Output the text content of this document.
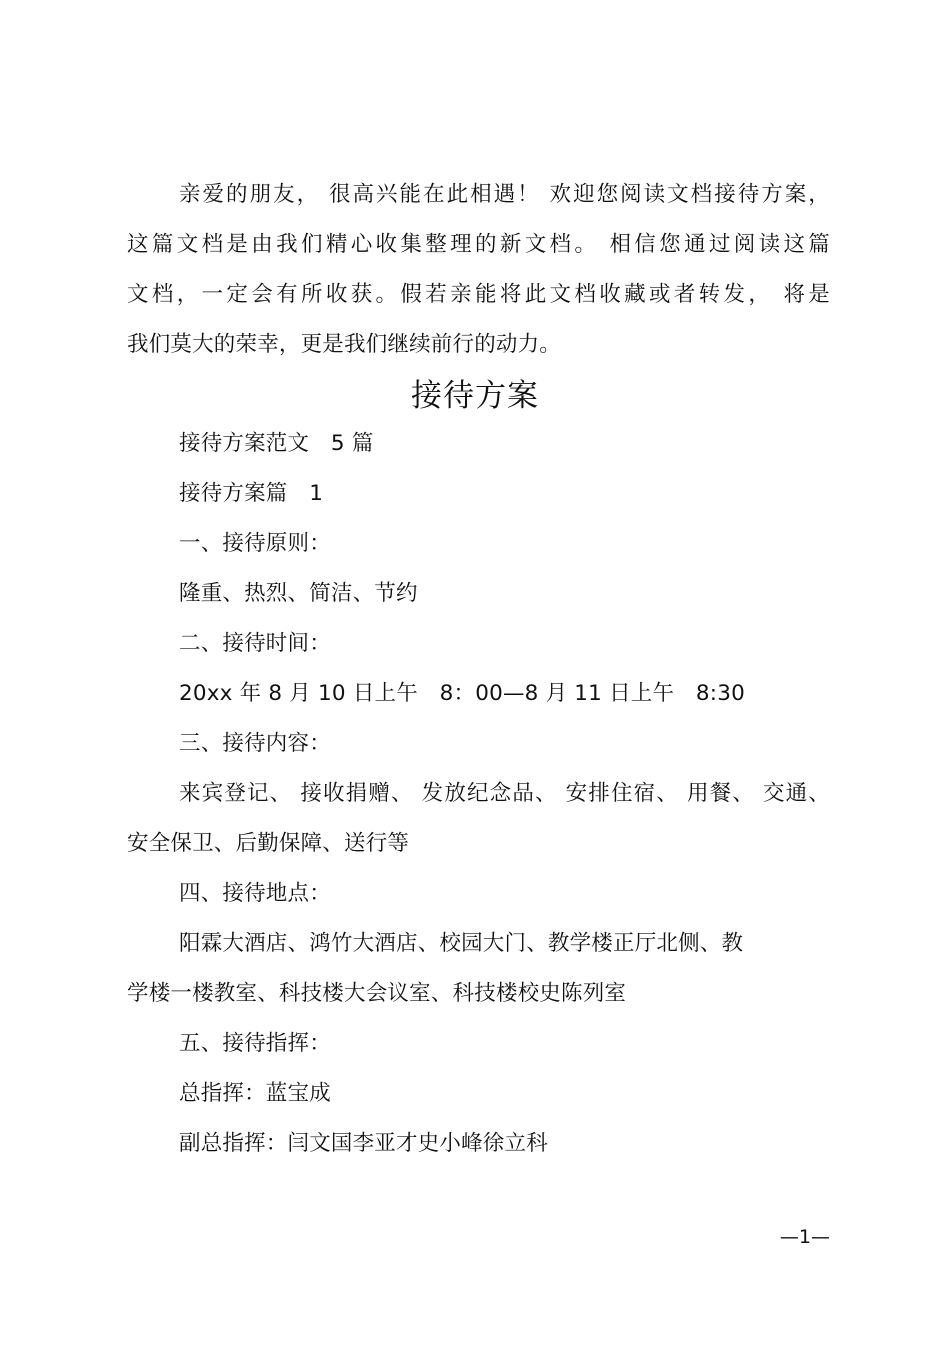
亲爱的朋友， 很高兴能在此相遇！ 欢迎您阅读文档接待方案，
这篇文档是由我们精心收集整理的新文档。 相信您通过阅读这篇
文档，一定会有所收获。假若亲能将此文档收藏或者转发， 将是
我们莫大的荣幸，更是我们继续前行的动力。
接待方案
接待方案范文　5 篇
接待方案篇　1
一、接待原则：
隆重、热烈、简洁、节约
二、接待时间：
20xx 年 8 月 10 日上午　8：00—8 月 11 日上午　8:30
三、接待内容：
来宾登记、 接收捐赠、 发放纪念品、 安排住宿、 用餐、 交通、
安全保卫、后勤保障、送行等
四、接待地点：
阳霖大酒店、鸿竹大酒店、校园大门、教学楼正厅北侧、教
学楼一楼教室、科技楼大会议室、科技楼校史陈列室
五、接待指挥：
总指挥：蓝宝成
副总指挥：闫文国李亚才史小峰徐立科
—1—
